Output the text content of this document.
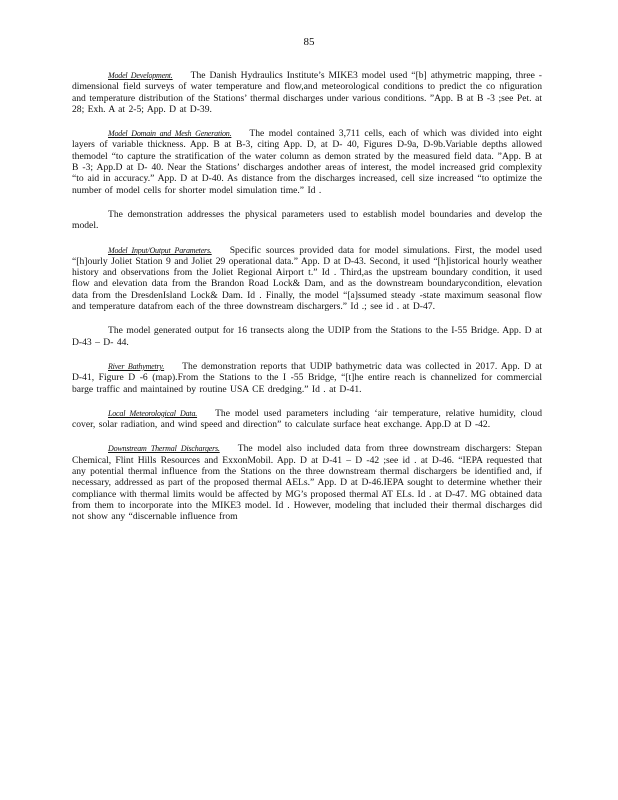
85

Model Development. The Danish Hydraulics Institute’s MIKE3 model used “[b] athymetric mapping, three -dimensional field surveys of water temperature and flow,and meteorological conditions to predict the co nfiguration and temperature distribution of the Stations’ thermal discharges under various conditions. ”App. B at B -3 ;see Pet. at 28; Exh. A at 2-5; App. D at D-39.

Model Domain and Mesh Generation. The model contained 3,711 cells, each of which was divided into eight layers of variable thickness. App. B at B-3, citing App. D, at D- 40, Figures D-9a, D-9b.Variable depths allowed themodel “to capture the stratification of the water column as demon strated by the measured field data. ”App. B at B -3; App.D at D- 40. Near the Stations’ discharges andother areas of interest, the model increased grid complexity “to aid in accuracy.” App. D at D-40. As distance from the discharges increased, cell size increased “to optimize the number of model cells for shorter model simulation time.” Id .

The demonstration addresses the physical parameters used to establish model boundaries and develop the model.

Model Input/Output Parameters. Specific sources provided data for model simulations. First, the model used “[h]ourly Joliet Station 9 and Joliet 29 operational data.” App. D at D-43. Second, it used “[h]istorical hourly weather history and observations from the Joliet Regional Airport t.” Id . Third,as the upstream boundary condition, it used flow and elevation data from the Brandon Road Lock& Dam, and as the downstream boundarycondition, elevation data from the DresdenIsland Lock& Dam. Id . Finally, the model “[a]ssumed steady -state maximum seasonal flow and temperature datafrom each of the three downstream dischargers.” Id .; see id . at D-47.

The model generated output for 16 transects along the UDIP from the Stations to the I-55 Bridge. App. D at D-43 – D- 44.

River Bathymetry. The demonstration reports that UDIP bathymetric data was collected in 2017. App. D at D-41, Figure D -6 (map).From the Stations to the I -55 Bridge, “[t]he entire reach is channelized for commercial barge traffic and maintained by routine USA CE dredging.” Id . at D-41.

Local Meteorological Data. The model used parameters including ‘air temperature, relative humidity, cloud cover, solar radiation, and wind speed and direction” to calculate surface heat exchange. App.D at D -42.

Downstream Thermal Dischargers. The model also included data from three downstream dischargers: Stepan Chemical, Flint Hills Resources and ExxonMobil. App. D at D-41 – D -42 ;see id . at D-46. “IEPA requested that any potential thermal influence from the Stations on the three downstream thermal dischargers be identified and, if necessary, addressed as part of the proposed thermal AELs.” App. D at D-46.IEPA sought to determine whether their compliance with thermal limits would be affected by MG’s proposed thermal AT ELs. Id . at D-47. MG obtained data from them to incorporate into the MIKE3 model. Id . However, modeling that included their thermal discharges did not show any “discernable influence from
